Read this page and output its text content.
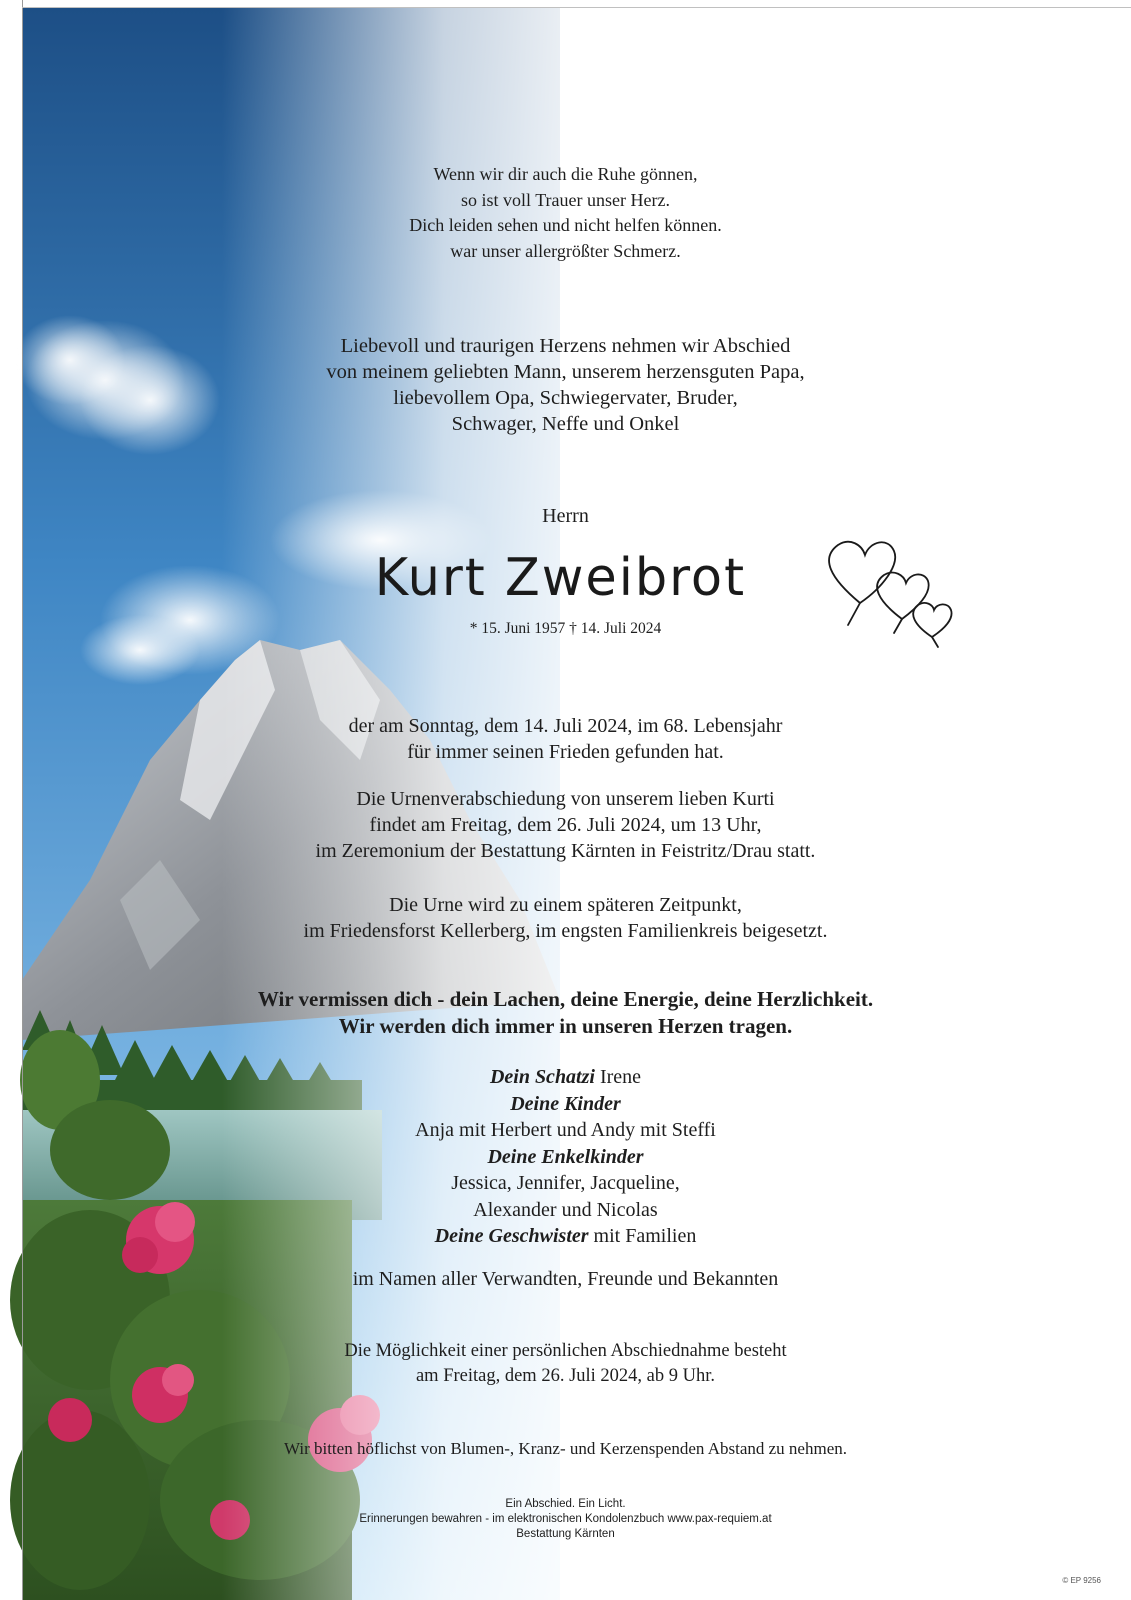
Wenn wir dir auch die Ruhe gönnen,

so ist voll Trauer unser Herz.

Dich leiden sehen und nicht helfen können.

war unser allergrößter Schmerz.

Liebevoll und traurigen Herzens nehmen wir Abschied

von meinem geliebten Mann, unserem herzensguten Papa,

liebevollem Opa, Schwiegervater, Bruder,

Schwager, Neffe und Onkel

Herrn
Kurt Zweibrot
* 15. Juni 1957 † 14. Juli 2024

der am Sonntag, dem 14. Juli 2024, im 68. Lebensjahr

für immer seinen Frieden gefunden hat.

Die Urnenverabschiedung von unserem lieben Kurti

findet am Freitag, dem 26. Juli 2024, um 13 Uhr,

im Zeremonium der Bestattung Kärnten in Feistritz/Drau statt.

Die Urne wird zu einem späteren Zeitpunkt,

im Friedensforst Kellerberg, im engsten Familienkreis beigesetzt.

Wir vermissen dich - dein Lachen, deine Energie, deine Herzlichkeit.

Wir werden dich immer in unseren Herzen tragen.

Dein Schatzi Irene

Deine Kinder

Anja mit Herbert und Andy mit Steffi

Deine Enkelkinder

Jessica, Jennifer, Jacqueline,

Alexander und Nicolas

Deine Geschwister mit Familien

im Namen aller Verwandten, Freunde und Bekannten

Die Möglichkeit einer persönlichen Abschiednahme besteht

am Freitag, dem 26. Juli 2024, ab 9 Uhr.

Wir bitten höflichst von Blumen-, Kranz- und Kerzenspenden Abstand zu nehmen.

Ein Abschied. Ein Licht.

Erinnerungen bewahren - im elektronischen Kondolenzbuch www.pax-requiem.at

Bestattung Kärnten

© EP 9256
